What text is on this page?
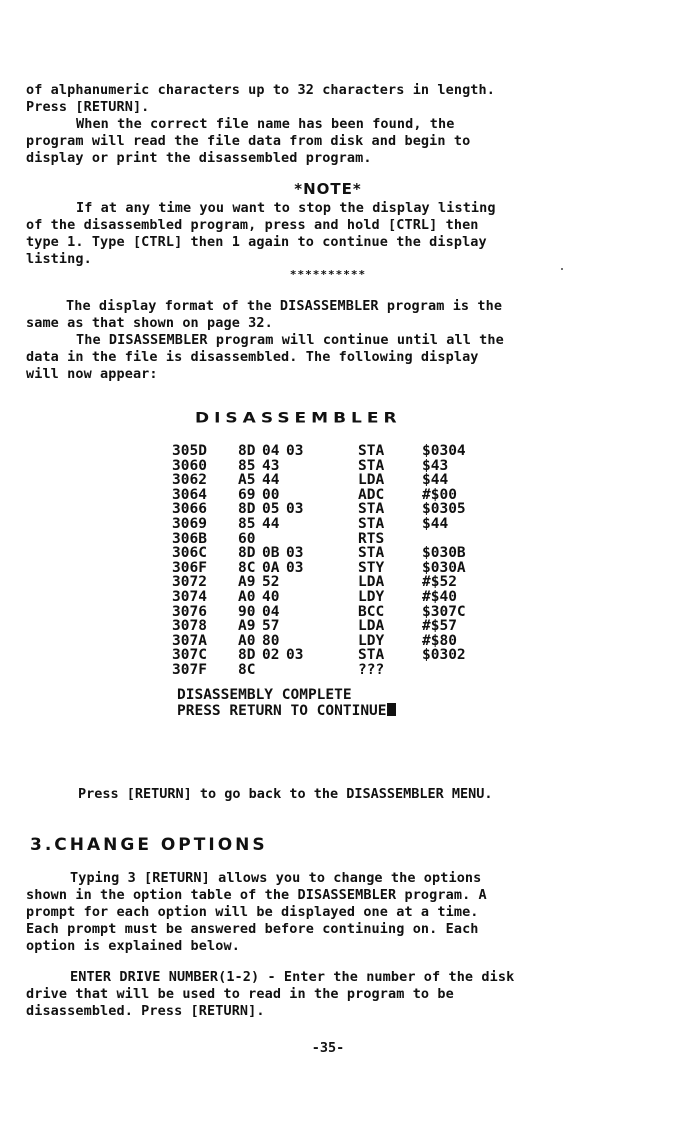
of alphanumeric characters up to 32 characters in length.
Press [RETURN].
When the correct file name has been found, the
program will read the file data from disk and begin to
display or print the disassembled program.
*NOTE*
If at any time you want to stop the display listing
of the disassembled program, press and hold [CTRL] then
type 1. Type [CTRL] then 1 again to continue the display
listing.
**********
The display format of the DISASSEMBLER program is the
same as that shown on page 32.
The DISASSEMBLER program will continue until all the
data in the file is disassembled. The following display
will now appear:
DISASSEMBLER
305D 8D 04 03	STA	$0304
3060 85 43	STA	$43
3062 A5 44	LDA	$44
3064 69 00	ADC	#$00
3066 8D 05 03	STA	$0305
3069 85 44	STA	$44
306B 60	RTS
306C 8D 0B 03	STA	$030B
306F 8C 0A 03	STY	$030A
3072 A9 52	LDA	#$52
3074 A0 40	LDY	#$40
3076 90 04	BCC	$307C
3078 A9 57	LDA	#$57
307A A0 80	LDY	#$80
307C 8D 02 03	STA	$0302
307F 8C	???
DISASSEMBLY COMPLETE
PRESS RETURN TO CONTINUE
Press [RETURN] to go back to the DISASSEMBLER MENU.
3.CHANGE OPTIONS
Typing 3 [RETURN] allows you to change the options
shown in the option table of the DISASSEMBLER program. A
prompt for each option will be displayed one at a time.
Each prompt must be answered before continuing on. Each
option is explained below.
ENTER DRIVE NUMBER(1-2) - Enter the number of the disk
drive that will be used to read in the program to be
disassembled. Press [RETURN].
-35-
